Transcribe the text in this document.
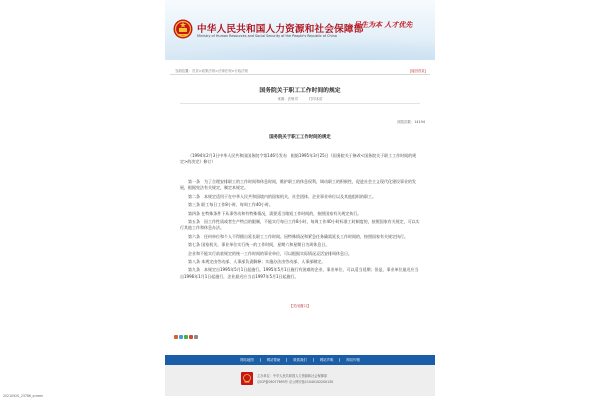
中华人民共和国人力资源和社会保障部
Ministry of Human Resources and Social Security of the People's Republic of China
民生为本 人才优先
当前位置： 首页>政策法规>法律法规>行政法规	[返回首页]
国务院关于职工工作时间的规定
来源：法规司	打印本页
浏览次数：14194
国务院关于职工工作时间的规定
（1994年2月3日中华人民共和国国务院令第146号发布　根据1995年3月25日《国务院关于修改<国务院关于职工工作时间的规定>的决定》修订）

第一条　为了合理安排职工的工作时间和休息时间，维护职工的休息权利，调动职工的积极性，促进社会主义现代化建设事业的发展，根据宪法有关规定，制定本规定。

第二条　本规定适用于在中华人民共和国境内的国家机关、社会团体、企业事业单位以及其他组织的职工。

第三条 职工每日工作8小时、每周工作40小时。

第四条 在特殊条件下从事劳动和有特殊情况，需要适当缩短工作时间的，按照国家有关规定执行。

第五条　因工作性质或者生产特点的限制，不能实行每日工作8小时、每周工作40小时标准工时制度的，按照国家有关规定，可以实行其他工作和休息办法。

第六条　任何单位和个人不得擅自延长职工工作时间。因特殊情况和紧急任务确需延长工作时间的，按照国家有关规定执行。

第七条 国家机关、事业单位实行统一的工作时间，星期六和星期日为周休息日。

企业和不能实行前款规定的统一工作时间的事业单位，可以根据实际情况灵活安排周休息日。

第八条 本规定由劳动部、人事部负责解释；实施办法由劳动部、人事部制定。

第九条　本规定自1995年5月1日起施行。1995年5月1日施行有困难的企业、事业单位，可以适当延期；但是，事业单位最迟应当自1996年1月1日起施行，企业最迟应当自1997年5月1日起施行。

【关闭窗口】
网站地图	网站帮助	联系我们	网站声明	网站纠错
主办单位：中华人民共和国人力资源和社会保障部
京ICP备05077693号 京公网安备11040102200130
20210920_23786_screen
